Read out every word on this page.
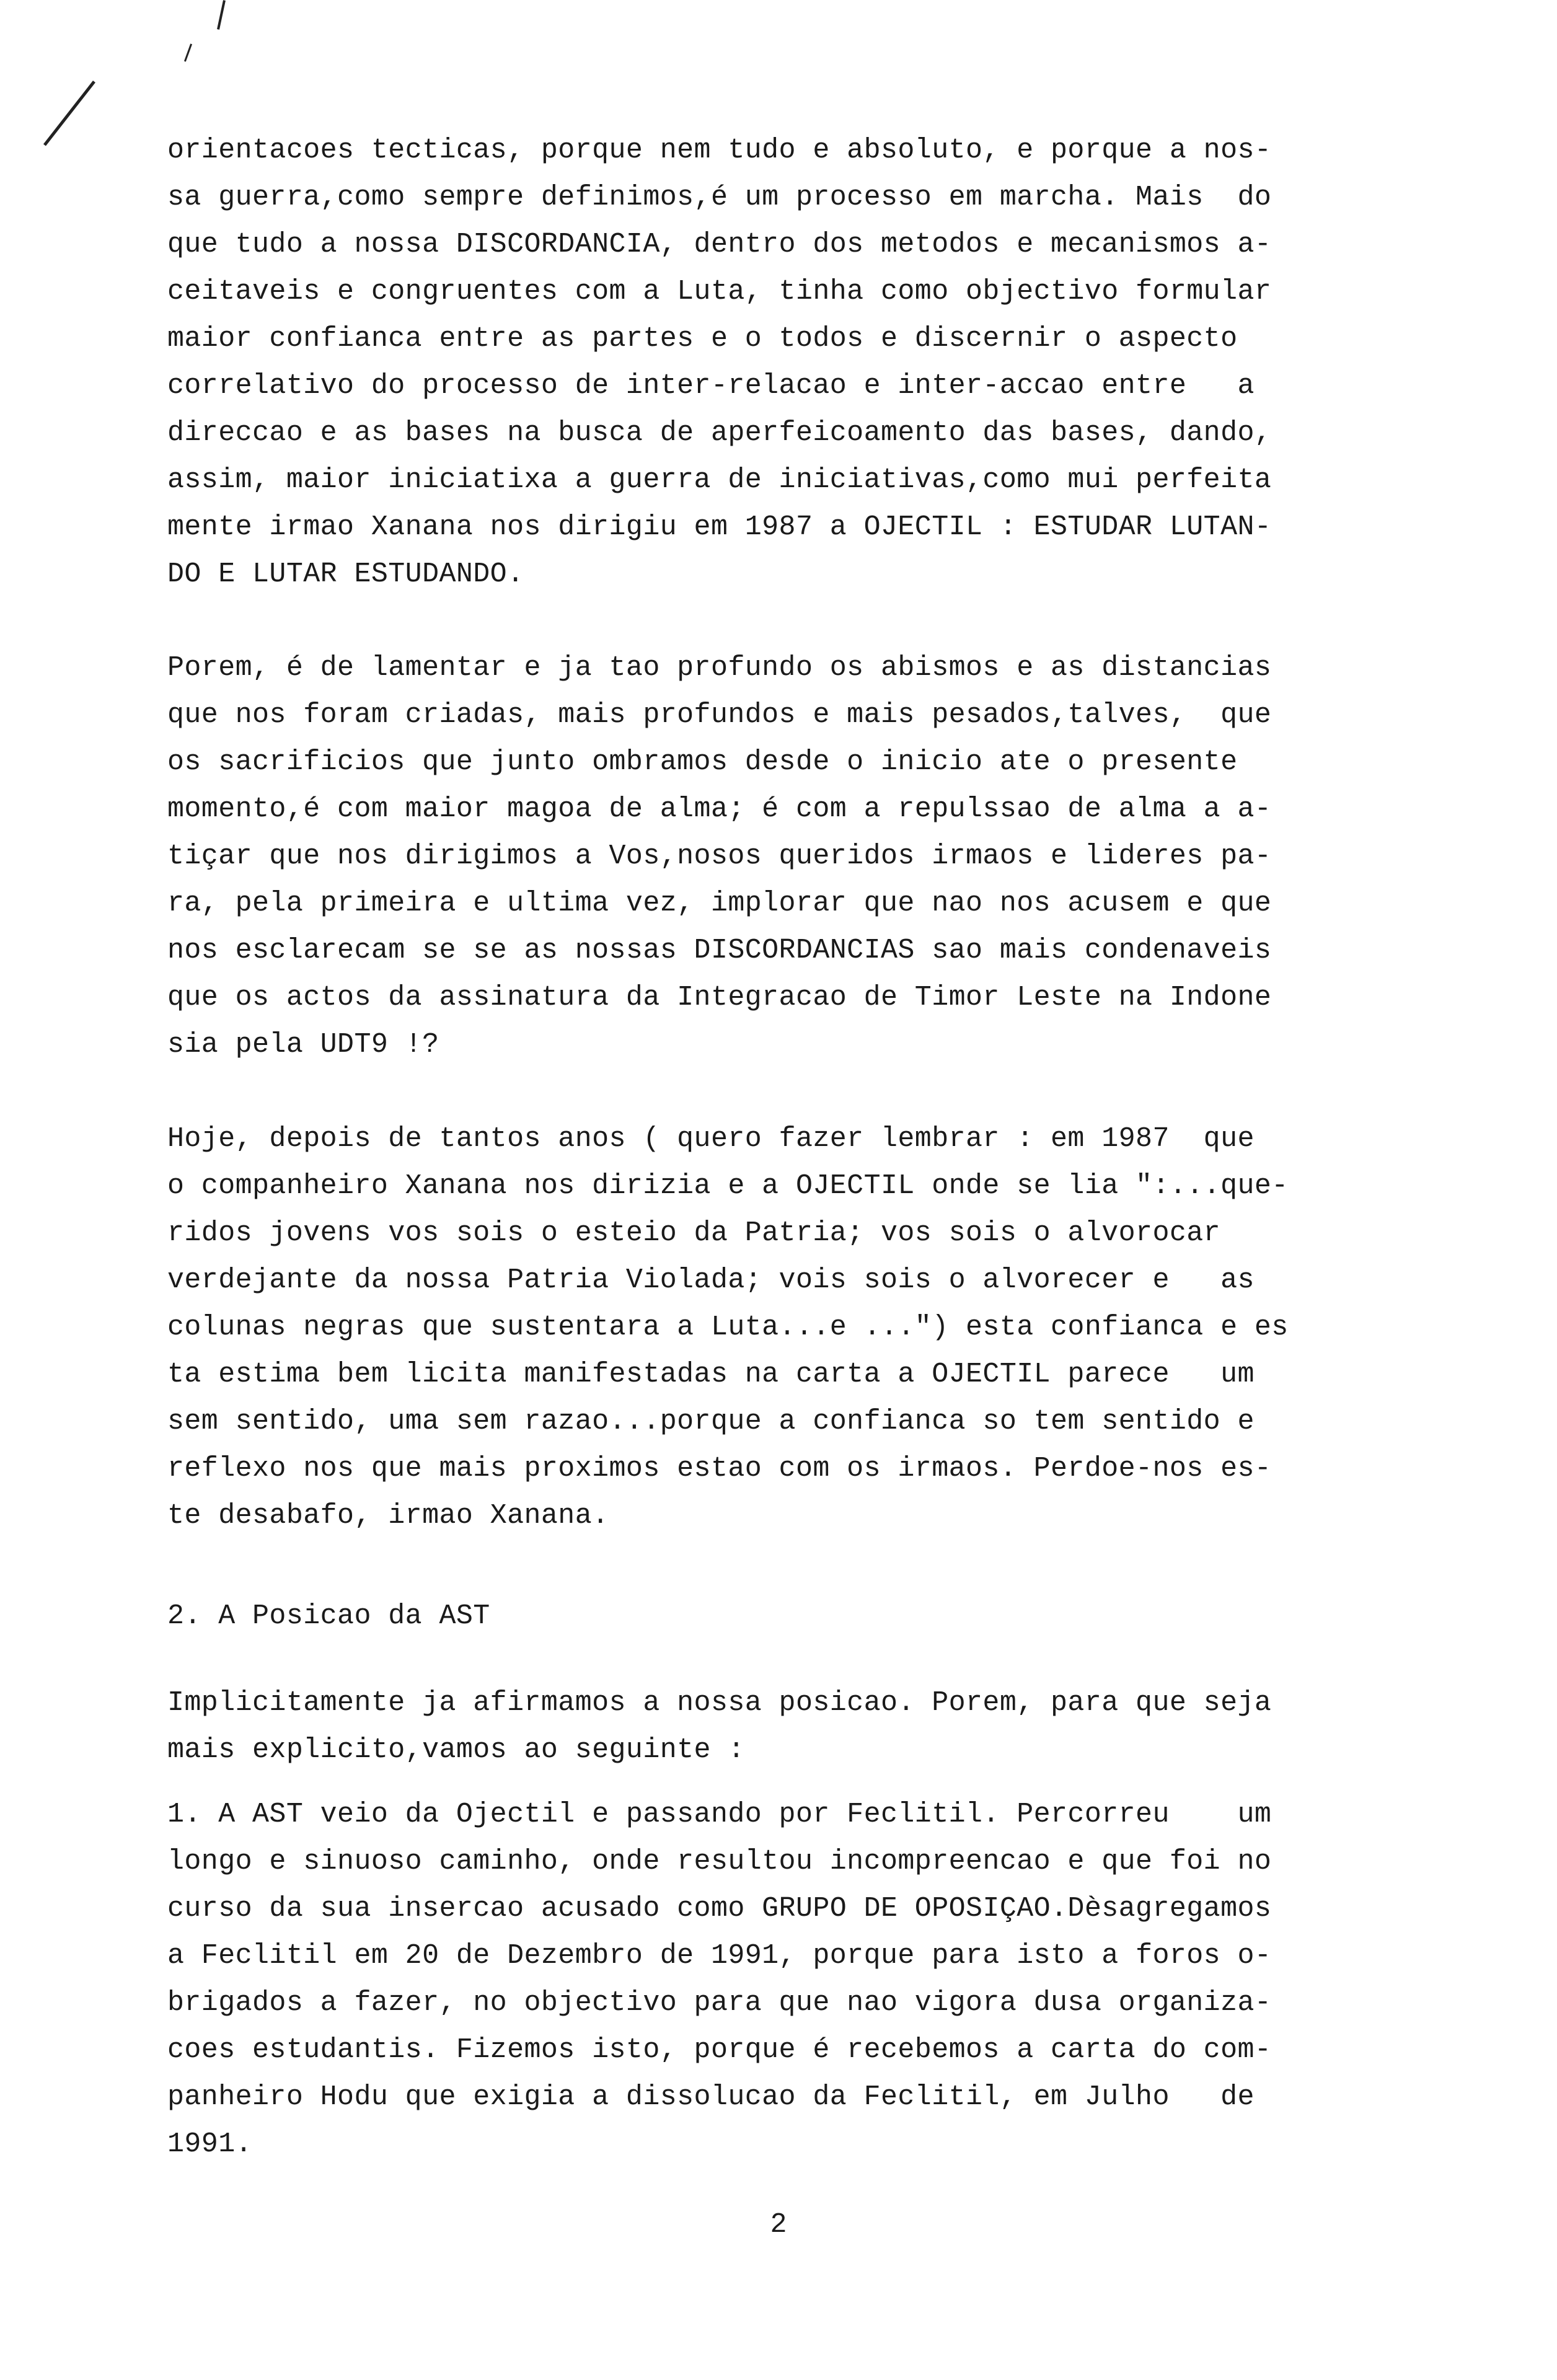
orientacoes tecticas, porque nem tudo e absoluto, e porque a nos-
sa guerra,como sempre definimos,é um processo em marcha. Mais  do
que tudo a nossa DISCORDANCIA, dentro dos metodos e mecanismos a-
ceitaveis e congruentes com a Luta, tinha como objectivo formular
maior confianca entre as partes e o todos e discernir o aspecto
correlativo do processo de inter-relacao e inter-accao entre   a
direccao e as bases na busca de aperfeicoamento das bases, dando,
assim, maior iniciatixa a guerra de iniciativas,como mui perfeita
mente irmao Xanana nos dirigiu em 1987 a OJECTIL : ESTUDAR LUTAN-
DO E LUTAR ESTUDANDO.
Porem, é de lamentar e ja tao profundo os abismos e as distancias
que nos foram criadas, mais profundos e mais pesados,talves,  que
os sacrificios que junto ombramos desde o inicio ate o presente
momento,é com maior magoa de alma; é com a repulssao de alma a a-
tiçar que nos dirigimos a Vos,nosos queridos irmaos e lideres pa-
ra, pela primeira e ultima vez, implorar que nao nos acusem e que
nos esclarecam se se as nossas DISCORDANCIAS sao mais condenaveis
que os actos da assinatura da Integracao de Timor Leste na Indone
sia pela UDT9 !?
Hoje, depois de tantos anos ( quero fazer lembrar : em 1987  que
o companheiro Xanana nos dirizia e a OJECTIL onde se lia ":...que-
ridos jovens vos sois o esteio da Patria; vos sois o alvorocar
verdejante da nossa Patria Violada; vois sois o alvorecer e   as
colunas negras que sustentara a Luta...e ...") esta confianca e es
ta estima bem licita manifestadas na carta a OJECTIL parece   um
sem sentido, uma sem razao...porque a confianca so tem sentido e
reflexo nos que mais proximos estao com os irmaos. Perdoe-nos es-
te desabafo, irmao Xanana.
2. A Posicao da AST
Implicitamente ja afirmamos a nossa posicao. Porem, para que seja
mais explicito,vamos ao seguinte :
1. A AST veio da Ojectil e passando por Feclitil. Percorreu    um
longo e sinuoso caminho, onde resultou incompreencao e que foi no
curso da sua insercao acusado como GRUPO DE OPOSIÇAO.Dèsagregamos
a Feclitil em 20 de Dezembro de 1991, porque para isto a foros o-
brigados a fazer, no objectivo para que nao vigora dusa organiza-
coes estudantis. Fizemos isto, porque é recebemos a carta do com-
panheiro Hodu que exigia a dissolucao da Feclitil, em Julho   de
1991.
2
